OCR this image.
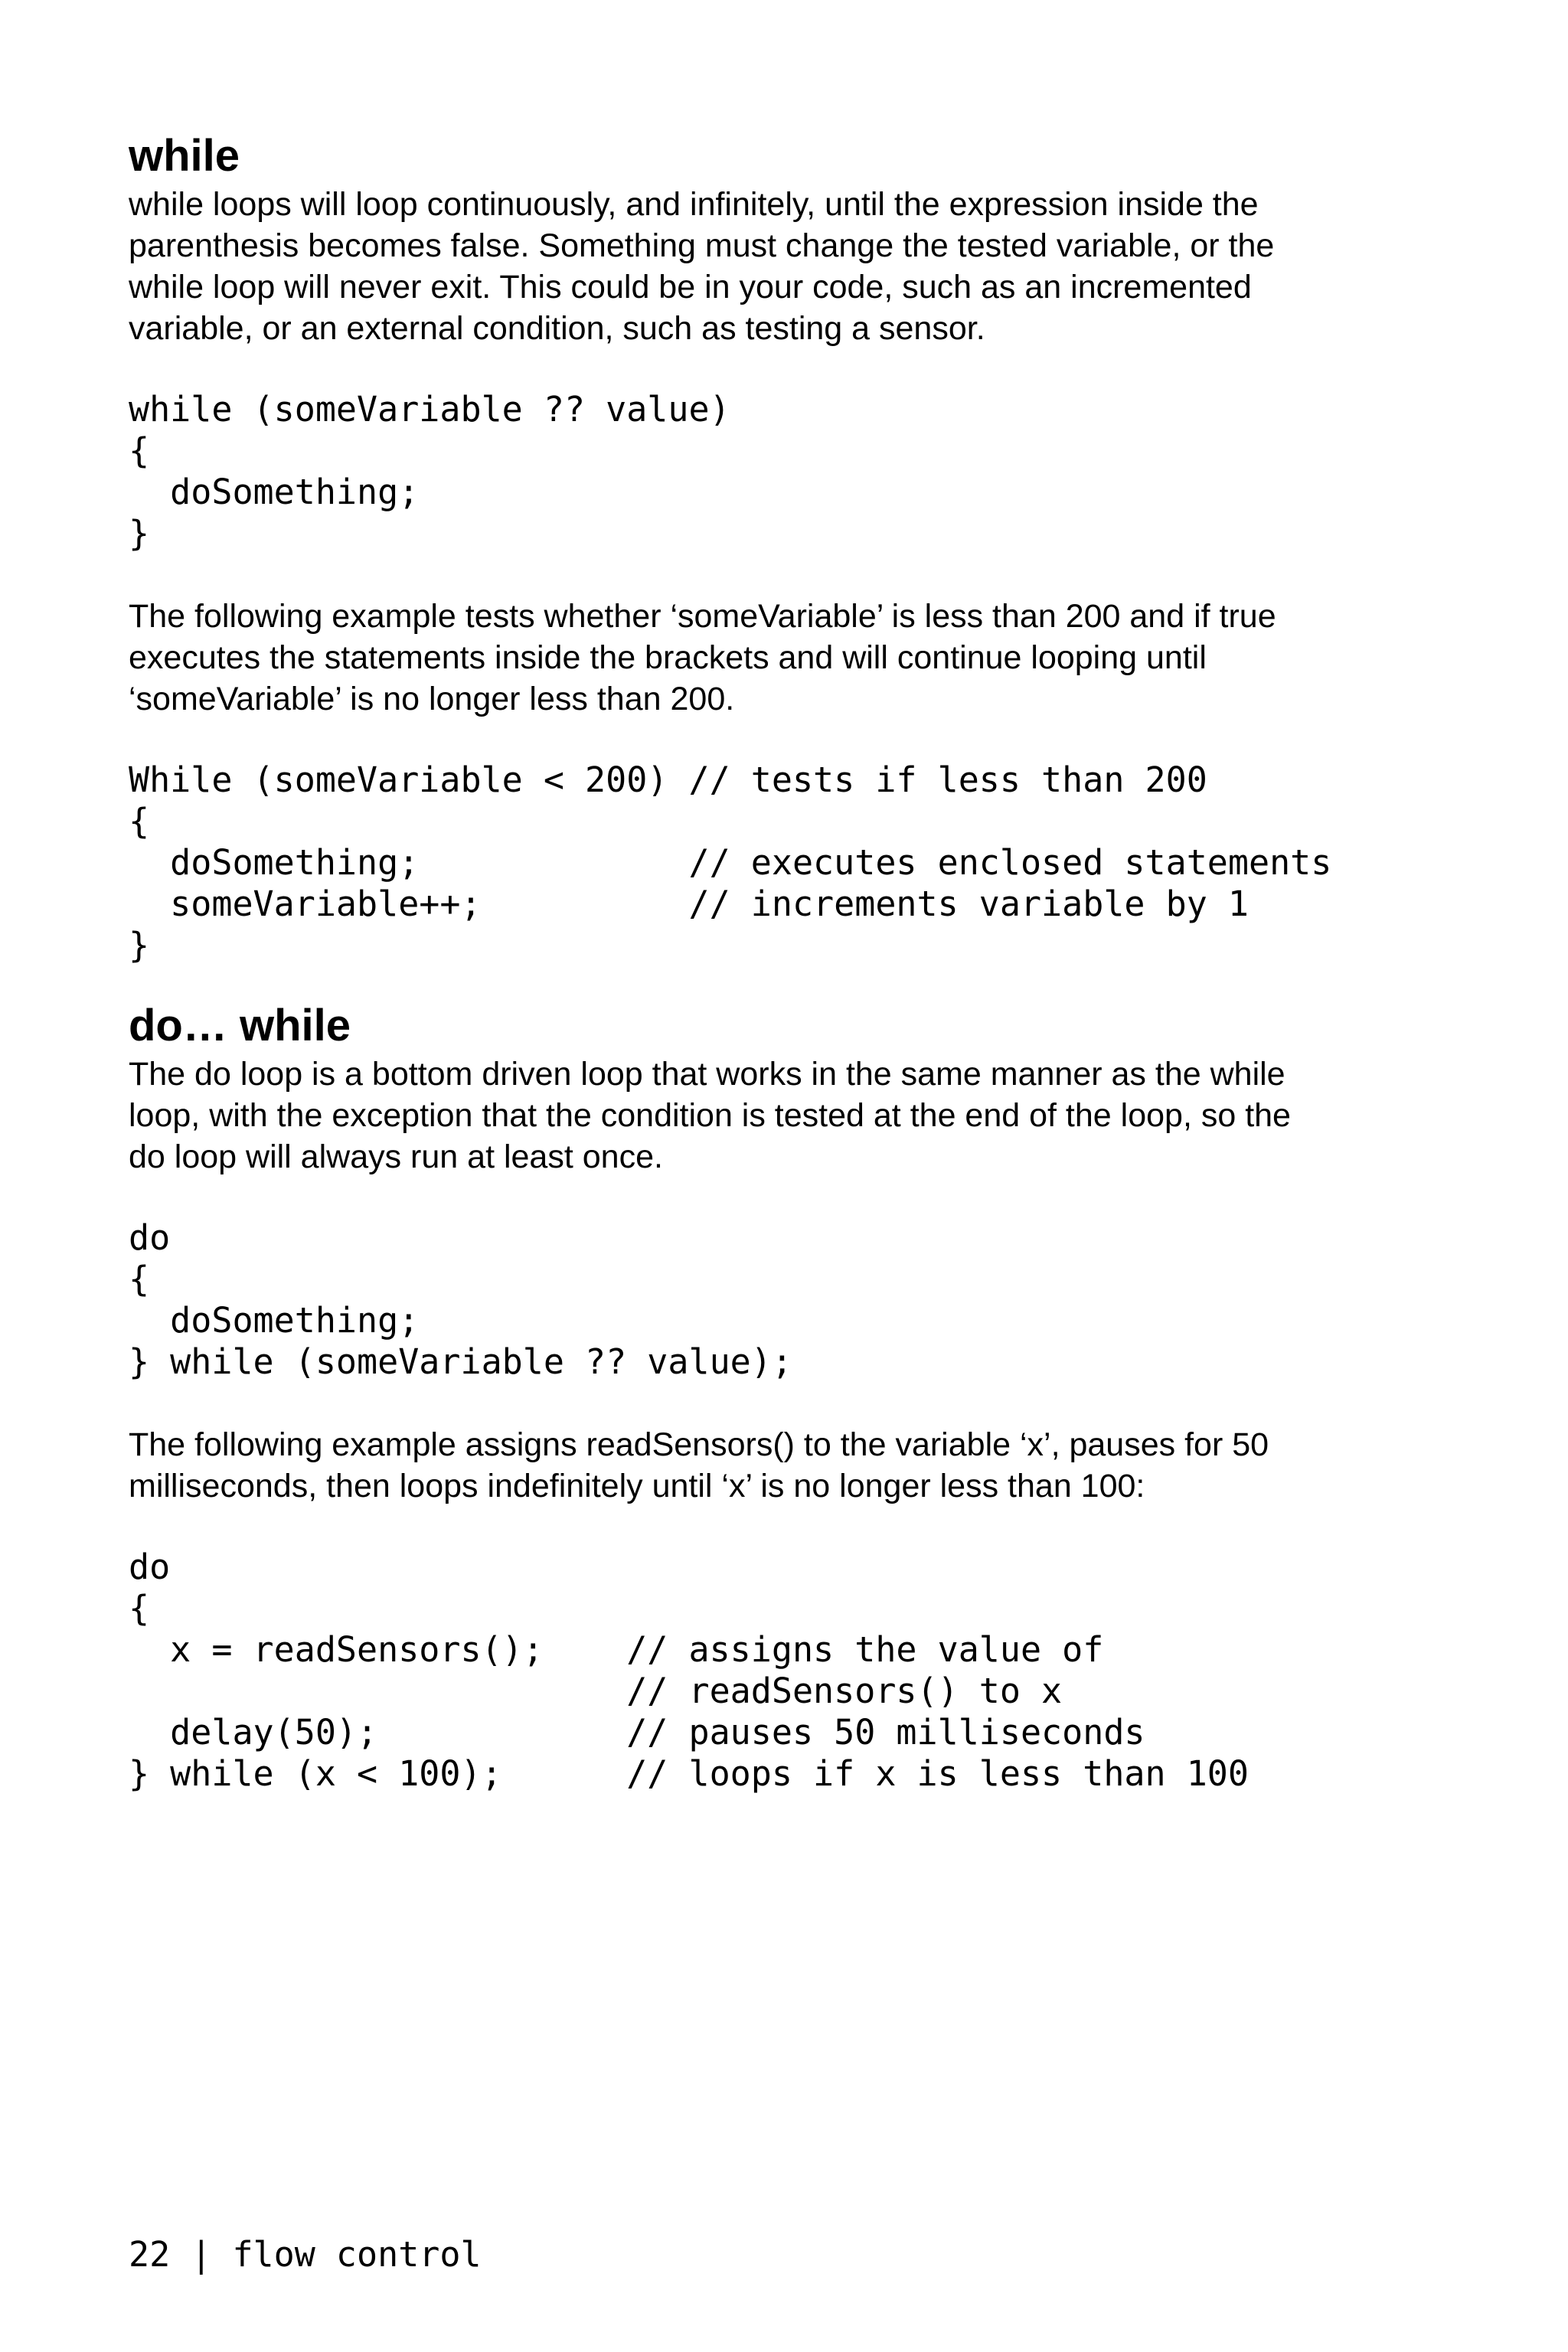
while

while loops will loop continuously, and infinitely, until the expression inside the
parenthesis becomes false. Something must change the tested variable, or the
while loop will never exit. This could be in your code, such as an incremented
variable, or an external condition, such as testing a sensor.

while (someVariable ?? value)
{
doSomething;
}

The following example tests whether ‘someVariable’ is less than 200 and if true
executes the statements inside the brackets and will continue looping until
‘someVariable’ is no longer less than 200.

While (someVariable < 200) // tests if less than 200
{
doSomething;             // executes enclosed statements
someVariable++;          // increments variable by 1
}
do… while

The do loop is a bottom driven loop that works in the same manner as the while
loop, with the exception that the condition is tested at the end of the loop, so the
do loop will always run at least once.

do
{
doSomething;
} while (someVariable ?? value);

The following example assigns readSensors() to the variable ‘x’, pauses for 50
milliseconds, then loops indefinitely until ‘x’ is no longer less than 100:

do
{
x = readSensors();    // assigns the value of
// readSensors() to x
delay(50);            // pauses 50 milliseconds
} while (x < 100);      // loops if x is less than 100
22 | flow control
